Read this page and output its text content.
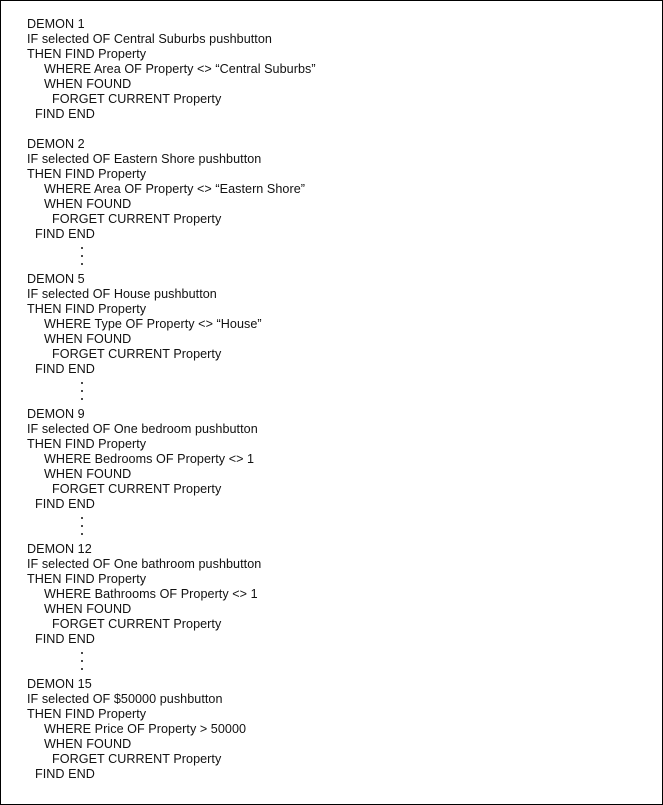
DEMON 1
IF selected OF Central Suburbs pushbutton
THEN FIND Property
WHERE Area OF Property <> “Central Suburbs”
WHEN FOUND
FORGET CURRENT Property
FIND END
DEMON 2
IF selected OF Eastern Shore pushbutton
THEN FIND Property
WHERE Area OF Property <> “Eastern Shore”
WHEN FOUND
FORGET CURRENT Property
FIND END
DEMON 5
IF selected OF House pushbutton
THEN FIND Property
WHERE Type OF Property <> “House”
WHEN FOUND
FORGET CURRENT Property
FIND END
DEMON 9
IF selected OF One bedroom pushbutton
THEN FIND Property
WHERE Bedrooms OF Property <> 1
WHEN FOUND
FORGET CURRENT Property
FIND END
DEMON 12
IF selected OF One bathroom pushbutton
THEN FIND Property
WHERE Bathrooms OF Property <> 1
WHEN FOUND
FORGET CURRENT Property
FIND END
DEMON 15
IF selected OF $50000 pushbutton
THEN FIND Property
WHERE Price OF Property > 50000
WHEN FOUND
FORGET CURRENT Property
FIND END
